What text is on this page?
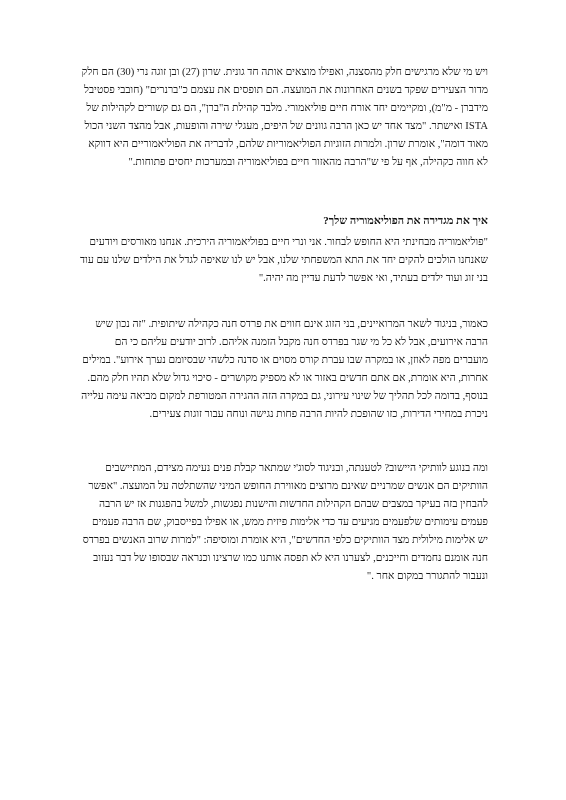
ויש מי שלא מרגישים חלק מהסצנה, ואפילו מוצאים אותה חד גונית. שרון (27) ובן זוגה נרי (30) הם חלק מדור הצעירים שפקד בשנים האחרונות את המועצה. הם תופסים את עצמם כ"ברנרים" (חובבי פסטיבל מידברן - מ"מ), ומקיימים יחד אורח חיים פוליאמורי. מלבד קהילת ה"ברן", הם גם קשורים לקהילות של ISTA ואישתר. "מצד אחד יש כאן הרבה גוונים של היפים, מעגלי שירה והופעות, אבל מהצד השני הכול מאוד דומה", אומרת שרון. ולמרות הזוגיות הפוליאמוריות שלהם, לדבריה את הפוליאמוריים היא דווקא לא חווה כקהילה, אף על פי ש"הרבה מהאזור חיים בפוליאמוריה ובמערכות יחסים פתוחות."

איך את מגדירה את הפוליאמוריה שלך?

"פוליאמוריה מבחינתי היא החופש לבחור. אני ונרי חיים בפוליאמוריה הירכית. אנחנו מאורסים ויודעים שאנחנו הולכים להקים יחד את התא המשפחתי שלנו, אבל יש לנו שאיפה לגדל את הילדים שלנו עם עוד בני זוג ועוד ילדים בעתיד, ואי אפשר לדעת עדיין מה יהיה."

כאמור, בניגוד לשאר המרואיינים, בני הזוג אינם חווים את פרדס חנה כקהילה שיתופית. "זה נכון שיש הרבה אירועים, אבל לא כל מי שגר בפרדס חנה מקבל הזמנה אליהם. לרוב יודעים עליהם כי הם מועברים מפה לאוזן, או במקרה שבו עברת קורס מסוים או סדנה כלשהי שבסיומם נערך אירוע". במילים אחרות, היא אומרת, אם אתם חדשים באזור או לא מספיק מקושרים - סיכוי גדול שלא תהיו חלק מהם. בנוסף, בדומה לכל תהליך של שינוי עירוני, גם במקרה הזה ההגירה המטורפת למקום מביאה עימה עלייה ניכרת במחירי הדירות, כזו שהופכת להיות הרבה פחות נגישה ונוחה עבור זוגות צעירים.

ומה בנוגע לוותיקי היישוב? לטענתה, ובניגוד לסוג'י שמתאר קבלת פנים נעימה מצידם, המתיישבים הוותיקים הם אנשים שמרניים שאינם מרוצים מאווירת החופש המיני שהשתלטה על המועצה. "אפשר להבחין בזה בעיקר במצבים שבהם הקהילות החדשות והישנות נפגשות, למשל בהפגנות אז יש הרבה פעמים עימותים שלפעמים מגיעים עד כדי אלימות פיזית ממש, או אפילו בפייסבוק, שם הרבה פעמים יש אלימות מילולית מצד הוותיקים כלפי החדשים", היא אומרת ומוסיפה: "למרות שרוב האנשים בפרדס חנה אומנם נחמדים וחייכנים, לצערנו היא לא תפסה אותנו כמו שרצינו וכנראה שבסופו של דבר נעזוב ונעבור להתגורר במקום אחר ."
